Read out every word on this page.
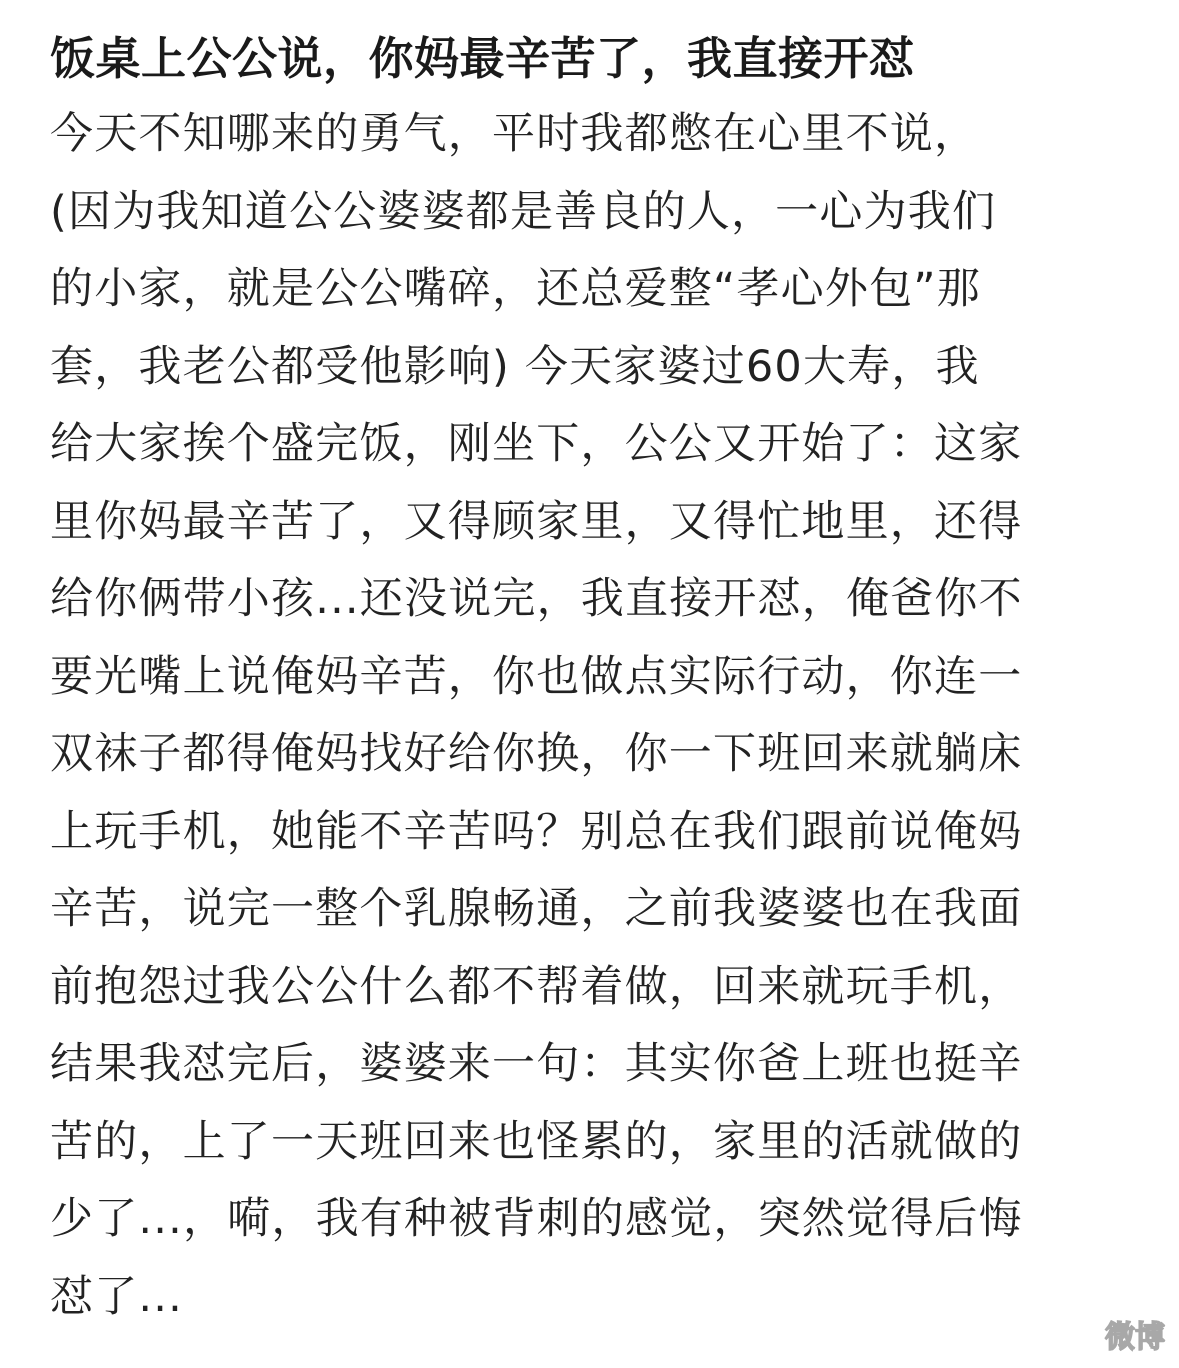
饭桌上公公说，你妈最辛苦了，我直接开怼
今天不知哪来的勇气，平时我都憋在心里不说，
(因为我知道公公婆婆都是善良的人，一心为我们
的小家，就是公公嘴碎，还总爱整“孝心外包”那
套，我老公都受他影响) 今天家婆过60大寿，我
给大家挨个盛完饭，刚坐下，公公又开始了：这家
里你妈最辛苦了，又得顾家里，又得忙地里，还得
给你俩带小孩...还没说完，我直接开怼，俺爸你不
要光嘴上说俺妈辛苦，你也做点实际行动，你连一
双袜子都得俺妈找好给你换，你一下班回来就躺床
上玩手机，她能不辛苦吗？别总在我们跟前说俺妈
辛苦，说完一整个乳腺畅通，之前我婆婆也在我面
前抱怨过我公公什么都不帮着做，回来就玩手机，
结果我怼完后，婆婆来一句：其实你爸上班也挺辛
苦的，上了一天班回来也怪累的，家里的活就做的
少了...，嗬，我有种被背刺的感觉，突然觉得后悔
怼了...
微博
